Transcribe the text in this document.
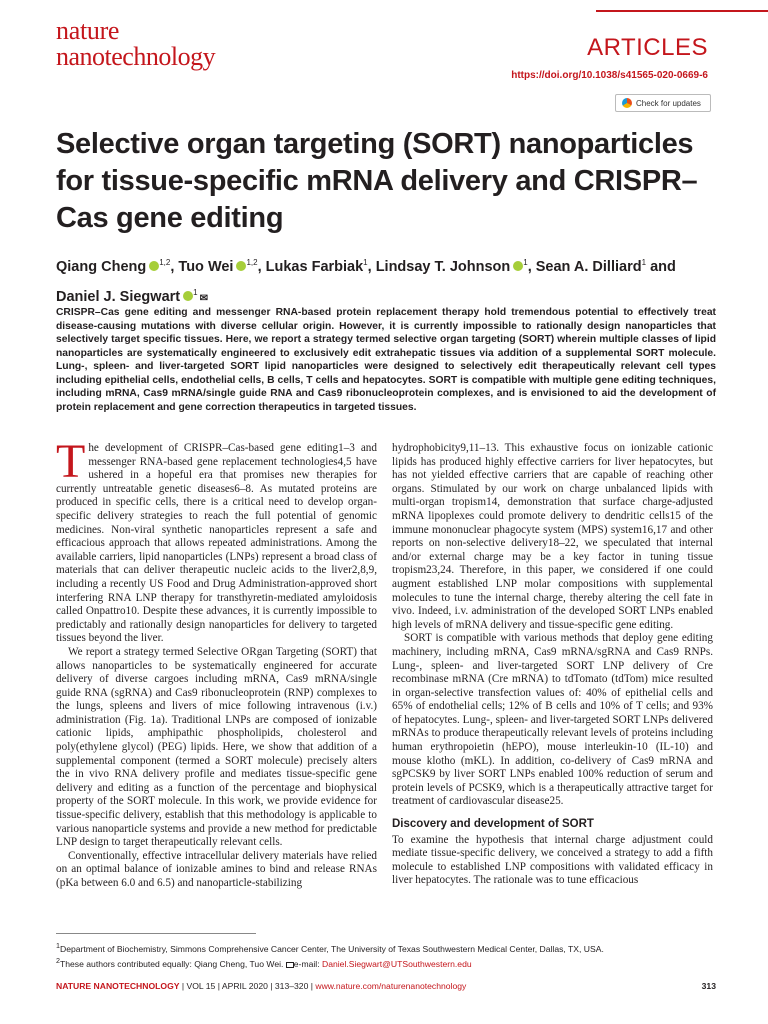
nature
nanotechnology	ARTICLES
https://doi.org/10.1038/s41565-020-0669-6
Check for updates
Selective organ targeting (SORT) nanoparticles for tissue-specific mRNA delivery and CRISPR–Cas gene editing
Qiang Cheng $^{1,2}$, Tuo Wei $^{1,2}$, Lukas Farbiak$^1$, Lindsay T. Johnson $^1$, Sean A. Dilliard$^1$ and
Daniel J. Siegwart $^1$✉

CRISPR–Cas gene editing and messenger RNA-based protein replacement therapy hold tremendous potential to effectively treat disease-causing mutations with diverse cellular origin. However, it is currently impossible to rationally design nanoparticles that selectively target specific tissues. Here, we report a strategy termed selective organ targeting (SORT) wherein multiple classes of lipid nanoparticles are systematically engineered to exclusively edit extrahepatic tissues via addition of a supplemental SORT molecule. Lung-, spleen- and liver-targeted SORT lipid nanoparticles were designed to selectively edit therapeutically relevant cell types including epithelial cells, endothelial cells, B cells, T cells and hepatocytes. SORT is compatible with multiple gene editing techniques, including mRNA, Cas9 mRNA/single guide RNA and Cas9 ribonucleoprotein complexes, and is envisioned to aid the development of protein replacement and gene correction therapeutics in targeted tissues.

The development of CRISPR–Cas-based gene editing1–3 and messenger RNA-based gene replacement technologies4,5 have ushered in a hopeful era that promises new therapies for currently untreatable genetic diseases6–8. As mutated proteins are produced in specific cells, there is a critical need to develop organ-specific delivery strategies to reach the full potential of genomic medicines. Non-viral synthetic nanoparticles represent a safe and efficacious approach that allows repeated administrations. Among the available carriers, lipid nanoparticles (LNPs) represent a broad class of materials that can deliver therapeutic nucleic acids to the liver2,8,9, including a recently US Food and Drug Administration-approved short interfering RNA LNP therapy for transthyretin-mediated amyloidosis called Onpattro10. Despite these advances, it is currently impossible to predictably and rationally design nanoparticles for delivery to targeted tissues beyond the liver.

We report a strategy termed Selective ORgan Targeting (SORT) that allows nanoparticles to be systematically engineered for accurate delivery of diverse cargoes including mRNA, Cas9 mRNA/single guide RNA (sgRNA) and Cas9 ribonucleoprotein (RNP) complexes to the lungs, spleens and livers of mice following intravenous (i.v.) administration (Fig. 1a). Traditional LNPs are composed of ionizable cationic lipids, amphipathic phospholipids, cholesterol and poly(ethylene glycol) (PEG) lipids. Here, we show that addition of a supplemental component (termed a SORT molecule) precisely alters the in vivo RNA delivery profile and mediates tissue-specific gene delivery and editing as a function of the percentage and biophysical property of the SORT molecule. In this work, we provide evidence for tissue-specific delivery, establish that this methodology is applicable to various nanoparticle systems and provide a new method for predictable LNP design to target therapeutically relevant cells.

Conventionally, effective intracellular delivery materials have relied on an optimal balance of ionizable amines to bind and release RNAs (pKa between 6.0 and 6.5) and nanoparticle-stabilizing

hydrophobicity9,11–13. This exhaustive focus on ionizable cationic lipids has produced highly effective carriers for liver hepatocytes, but has not yielded effective carriers that are capable of reaching other organs. Stimulated by our work on charge unbalanced lipids with multi-organ tropism14, demonstration that surface charge-adjusted mRNA lipoplexes could promote delivery to dendritic cells15 of the immune mononuclear phagocyte system (MPS) system16,17 and other reports on non-selective delivery18–22, we speculated that internal and/or external charge may be a key factor in tuning tissue tropism23,24. Therefore, in this paper, we considered if one could augment established LNP molar compositions with supplemental molecules to tune the internal charge, thereby altering the cell fate in vivo. Indeed, i.v. administration of the developed SORT LNPs enabled high levels of mRNA delivery and tissue-specific gene editing.

SORT is compatible with various methods that deploy gene editing machinery, including mRNA, Cas9 mRNA/sgRNA and Cas9 RNPs. Lung-, spleen- and liver-targeted SORT LNP delivery of Cre recombinase mRNA (Cre mRNA) to tdTomato (tdTom) mice resulted in organ-selective transfection values of: 40% of epithelial cells and 65% of endothelial cells; 12% of B cells and 10% of T cells; and 93% of hepatocytes. Lung-, spleen- and liver-targeted SORT LNPs delivered mRNAs to produce therapeutically relevant levels of proteins including human erythropoietin (hEPO), mouse interleukin-10 (IL-10) and mouse klotho (mKL). In addition, co-delivery of Cas9 mRNA and sgPCSK9 by liver SORT LNPs enabled 100% reduction of serum and protein levels of PCSK9, which is a therapeutically attractive target for treatment of cardiovascular disease25.

Discovery and development of SORT

To examine the hypothesis that internal charge adjustment could mediate tissue-specific delivery, we conceived a strategy to add a fifth molecule to established LNP compositions with validated efficacy in liver hepatocytes. The rationale was to tune efficacious

$^1$Department of Biochemistry, Simmons Comprehensive Cancer Center, The University of Texas Southwestern Medical Center, Dallas, TX, USA.

$^2$These authors contributed equally: Qiang Cheng, Tuo Wei. e-mail: Daniel.Siegwart@UTSouthwestern.edu

NATURE NANOTECHNOLOGY | VOL 15 | APRIL 2020 | 313–320 | www.nature.com/naturenanotechnology	313
